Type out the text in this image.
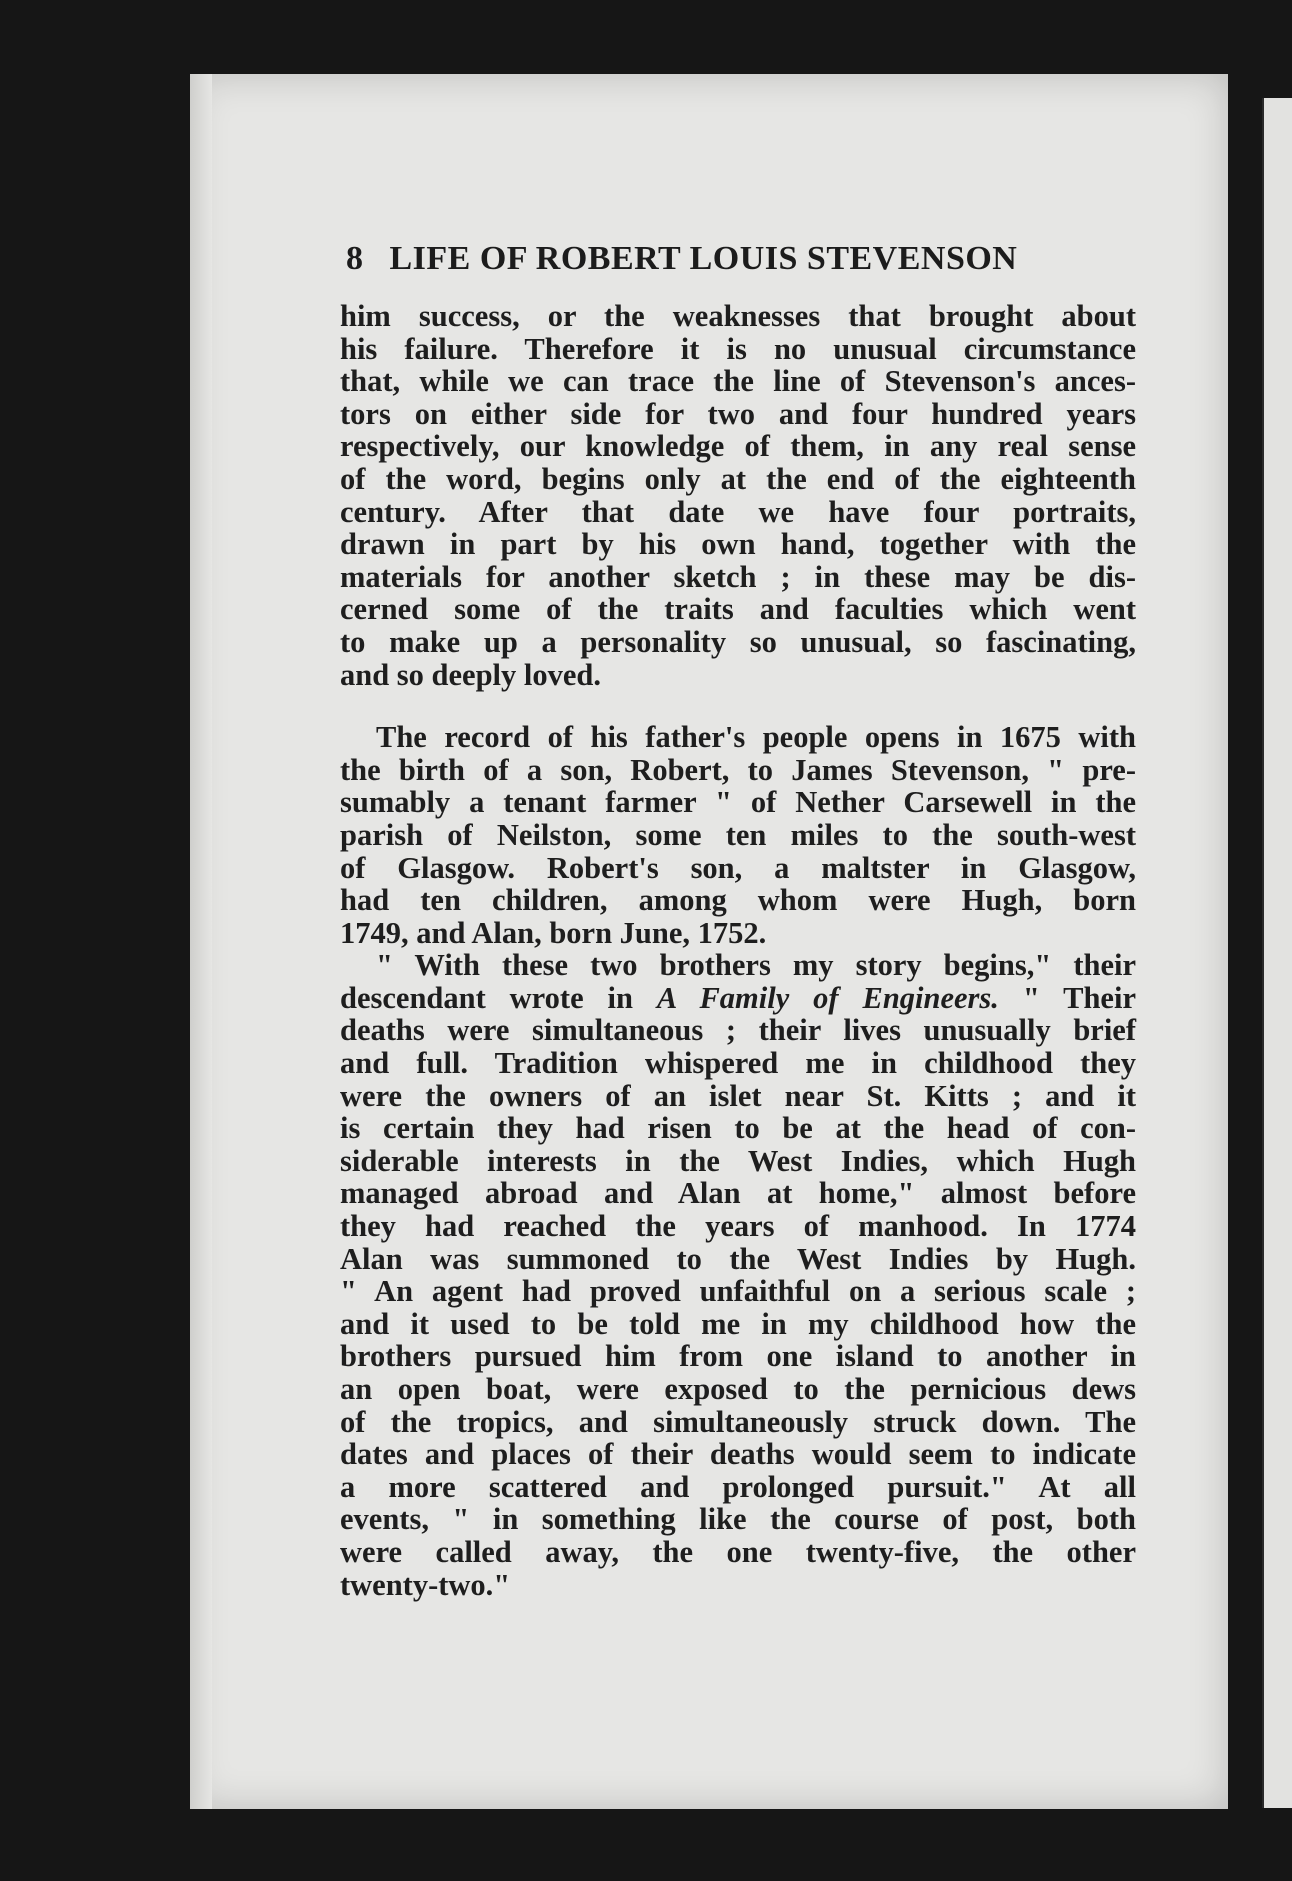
8 LIFE OF ROBERT LOUIS STEVENSON
him success, or the weaknesses that brought about
his failure. Therefore it is no unusual circumstance
that, while we can trace the line of Stevenson's ances-
tors on either side for two and four hundred years
respectively, our knowledge of them, in any real sense
of the word, begins only at the end of the eighteenth
century. After that date we have four portraits,
drawn in part by his own hand, together with the
materials for another sketch ; in these may be dis-
cerned some of the traits and faculties which went
to make up a personality so unusual, so fascinating,
and so deeply loved.
The record of his father's people opens in 1675 with
the birth of a son, Robert, to James Stevenson, " pre-
sumably a tenant farmer " of Nether Carsewell in the
parish of Neilston, some ten miles to the south-west
of Glasgow. Robert's son, a maltster in Glasgow,
had ten children, among whom were Hugh, born
1749, and Alan, born June, 1752.
" With these two brothers my story begins," their
descendant wrote in A Family of Engineers. " Their
deaths were simultaneous ; their lives unusually brief
and full. Tradition whispered me in childhood they
were the owners of an islet near St. Kitts ; and it
is certain they had risen to be at the head of con-
siderable interests in the West Indies, which Hugh
managed abroad and Alan at home," almost before
they had reached the years of manhood. In 1774
Alan was summoned to the West Indies by Hugh.
" An agent had proved unfaithful on a serious scale ;
and it used to be told me in my childhood how the
brothers pursued him from one island to another in
an open boat, were exposed to the pernicious dews
of the tropics, and simultaneously struck down. The
dates and places of their deaths would seem to indicate
a more scattered and prolonged pursuit." At all
events, " in something like the course of post, both
were called away, the one twenty-five, the other
twenty-two."
